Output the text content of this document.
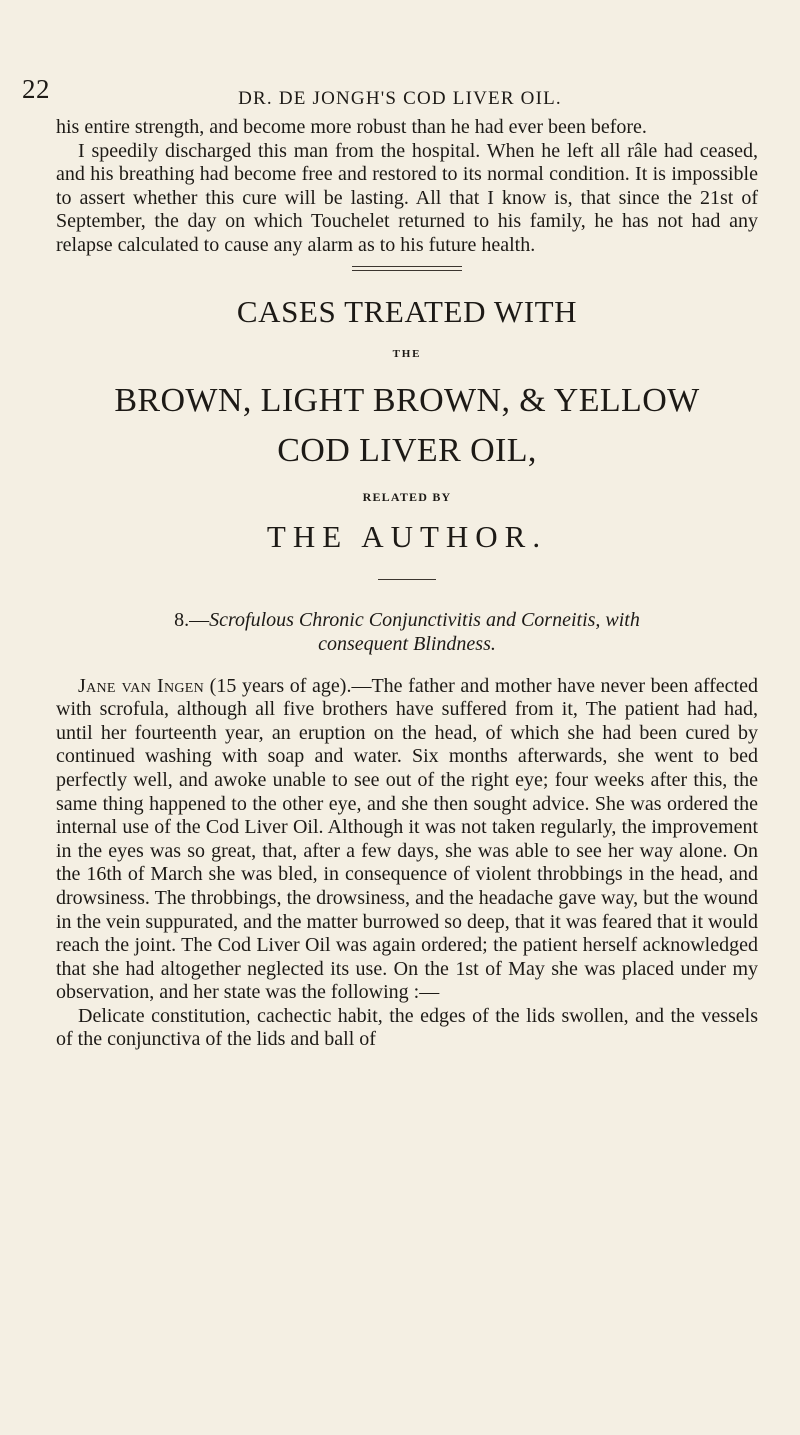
22	DR. DE JONGH'S COD LIVER OIL.

his entire strength, and become more robust than he had ever been before.

I speedily discharged this man from the hospital. When he left all râle had ceased, and his breathing had become free and restored to its normal condition. It is impossible to assert whether this cure will be lasting. All that I know is, that since the 21st of September, the day on which Touchelet returned to his family, he has not had any relapse calculated to cause any alarm as to his future health.

CASES TREATED WITH
THE
BROWN, LIGHT BROWN, & YELLOW
COD LIVER OIL,
RELATED BY
THE AUTHOR.
8.—Scrofulous Chronic Conjunctivitis and Corneitis, with
consequent Blindness.

Jane van Ingen (15 years of age).—The father and mother have never been affected with scrofula, although all five brothers have suffered from it, The patient had had, until her fourteenth year, an eruption on the head, of which she had been cured by continued washing with soap and water. Six months afterwards, she went to bed perfectly well, and awoke unable to see out of the right eye; four weeks after this, the same thing happened to the other eye, and she then sought advice. She was ordered the internal use of the Cod Liver Oil. Although it was not taken regularly, the improvement in the eyes was so great, that, after a few days, she was able to see her way alone. On the 16th of March she was bled, in consequence of violent throbbings in the head, and drowsiness. The throbbings, the drowsiness, and the headache gave way, but the wound in the vein suppurated, and the matter burrowed so deep, that it was feared that it would reach the joint. The Cod Liver Oil was again ordered; the patient herself acknowledged that she had altogether neglected its use. On the 1st of May she was placed under my observation, and her state was the following :—

Delicate constitution, cachectic habit, the edges of the lids swollen, and the vessels of the conjunctiva of the lids and ball of
